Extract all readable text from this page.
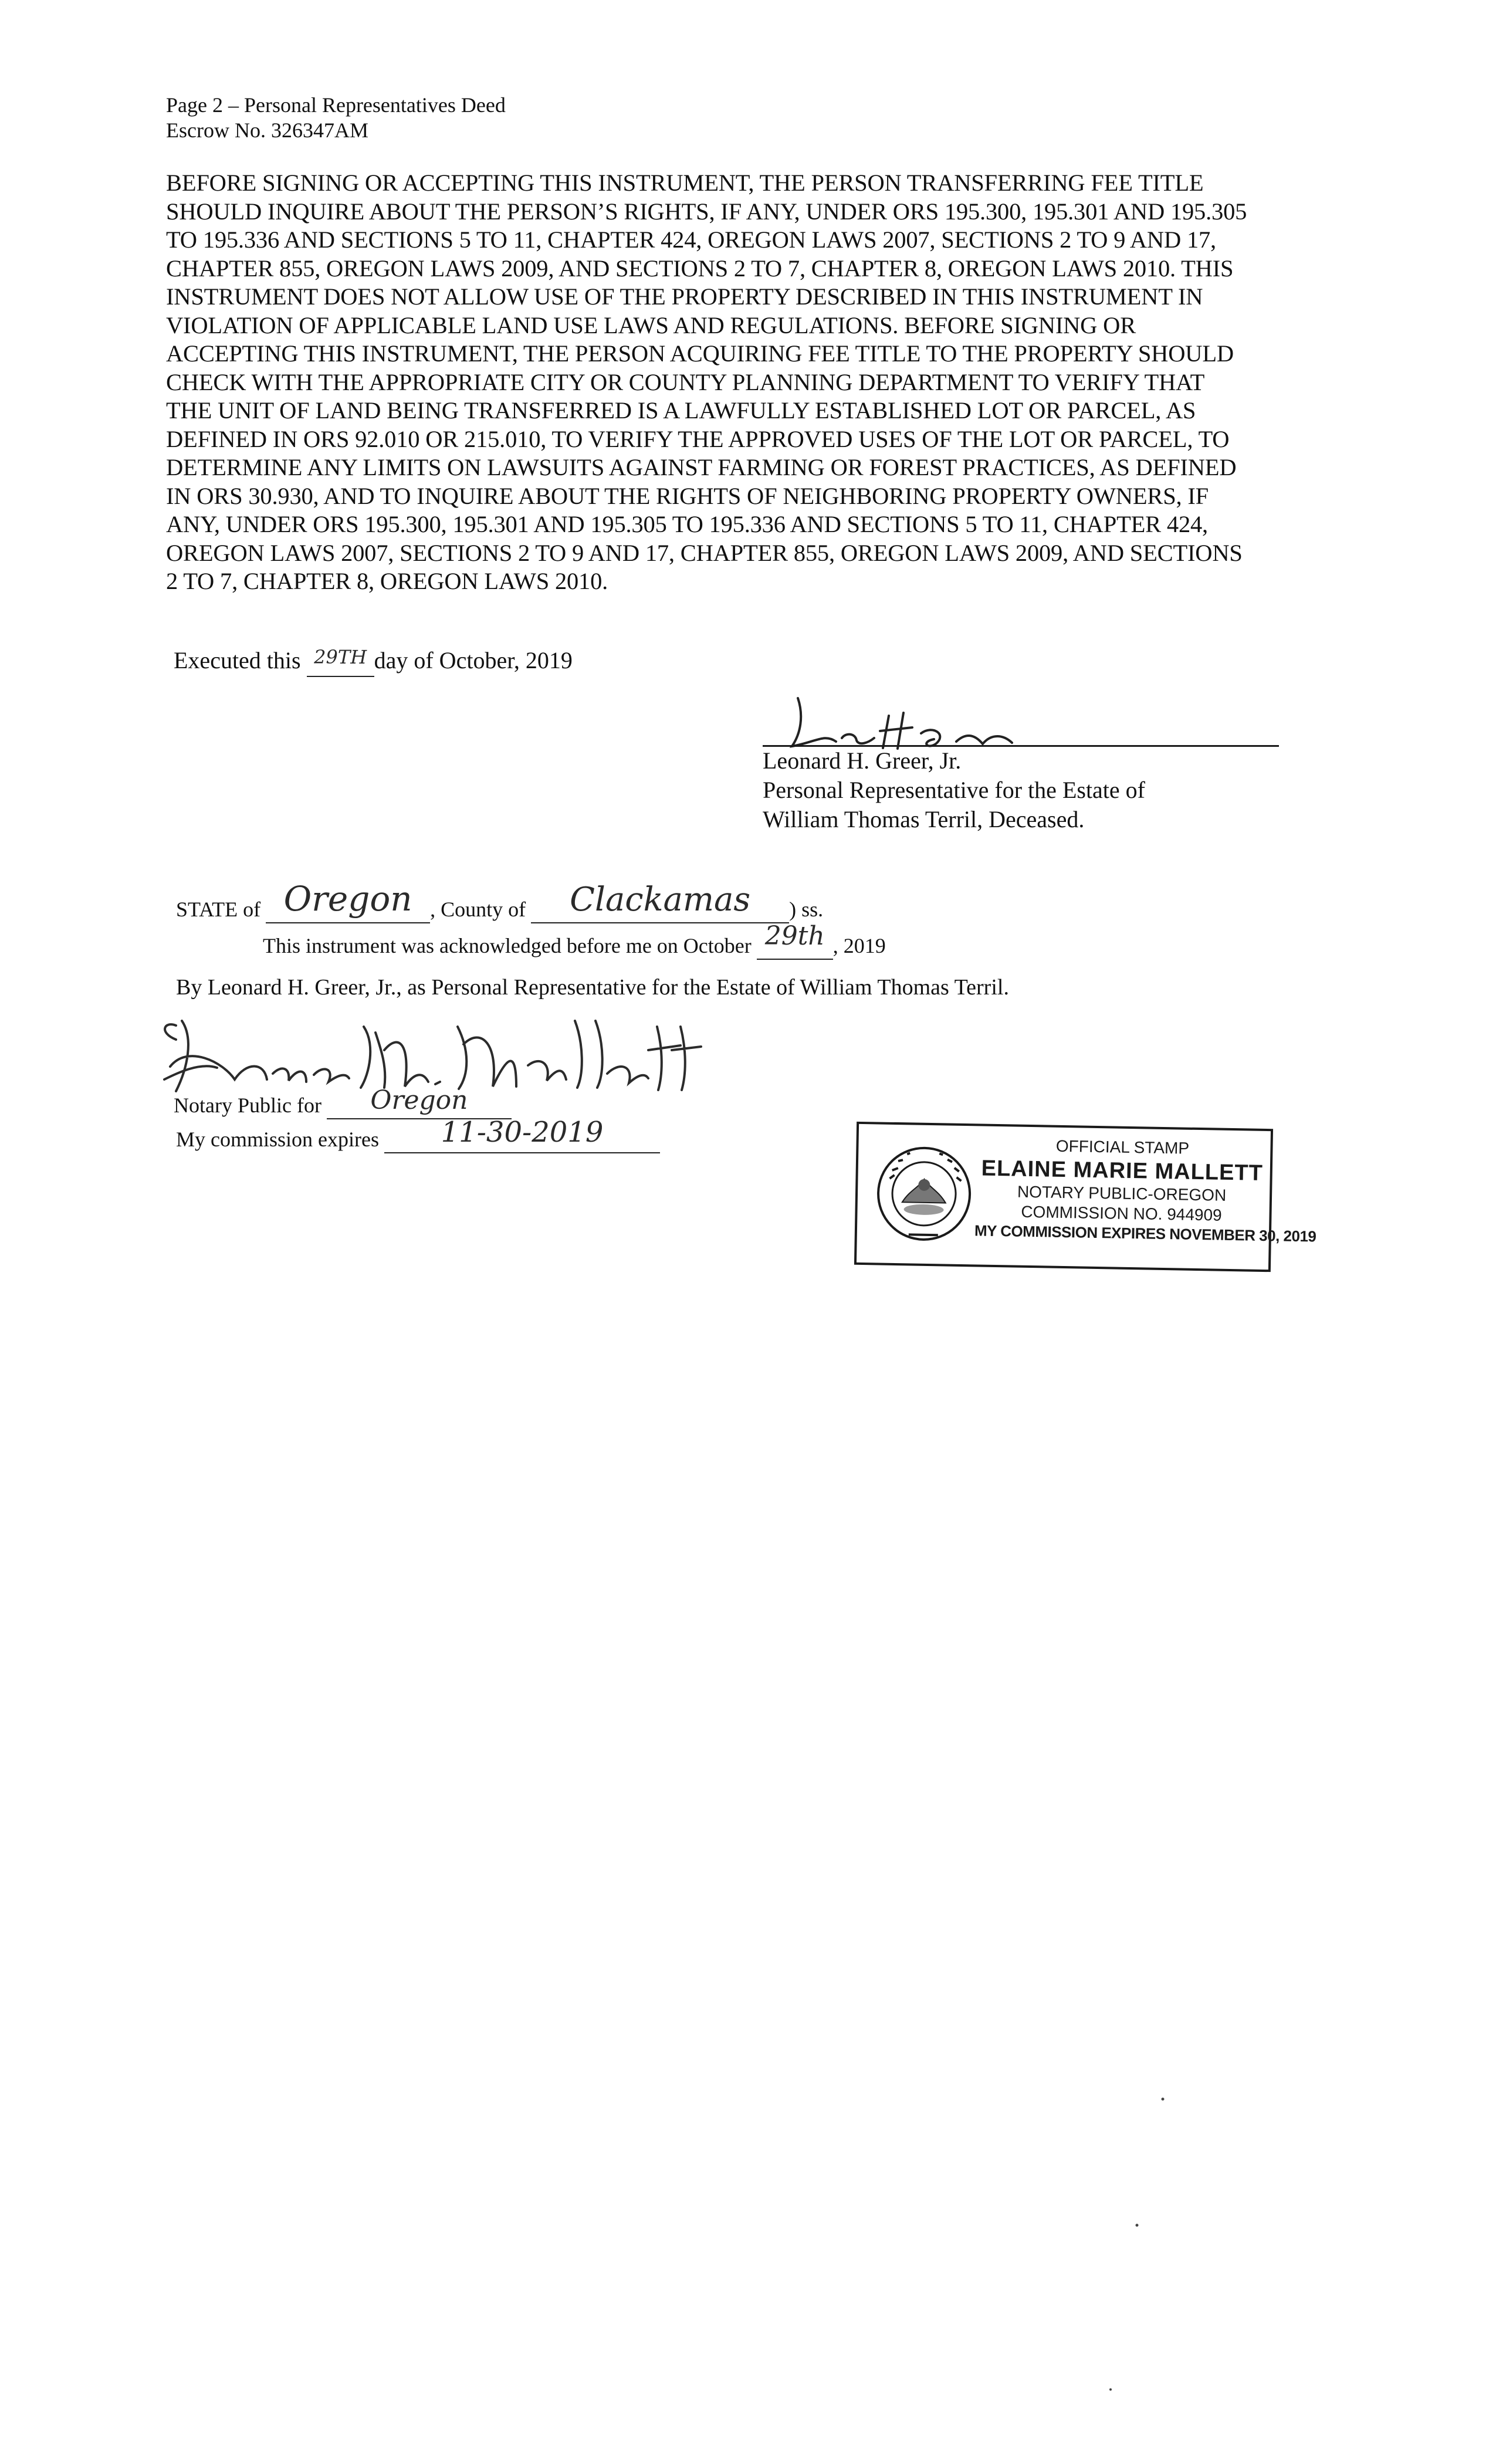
Page 2 – Personal Representatives Deed
Escrow No. 326347AM

BEFORE SIGNING OR ACCEPTING THIS INSTRUMENT, THE PERSON TRANSFERRING FEE TITLE

SHOULD INQUIRE ABOUT THE PERSON’S RIGHTS, IF ANY, UNDER ORS 195.300, 195.301 AND 195.305

TO 195.336 AND SECTIONS 5 TO 11, CHAPTER 424, OREGON LAWS 2007, SECTIONS 2 TO 9 AND 17,

CHAPTER 855, OREGON LAWS 2009, AND SECTIONS 2 TO 7, CHAPTER 8, OREGON LAWS 2010. THIS

INSTRUMENT DOES NOT ALLOW USE OF THE PROPERTY DESCRIBED IN THIS INSTRUMENT IN

VIOLATION OF APPLICABLE LAND USE LAWS AND REGULATIONS. BEFORE SIGNING OR

ACCEPTING THIS INSTRUMENT, THE PERSON ACQUIRING FEE TITLE TO THE PROPERTY SHOULD

CHECK WITH THE APPROPRIATE CITY OR COUNTY PLANNING DEPARTMENT TO VERIFY THAT

THE UNIT OF LAND BEING TRANSFERRED IS A LAWFULLY ESTABLISHED LOT OR PARCEL, AS

DEFINED IN ORS 92.010 OR 215.010, TO VERIFY THE APPROVED USES OF THE LOT OR PARCEL, TO

DETERMINE ANY LIMITS ON LAWSUITS AGAINST FARMING OR FOREST PRACTICES, AS DEFINED

IN ORS 30.930, AND TO INQUIRE ABOUT THE RIGHTS OF NEIGHBORING PROPERTY OWNERS, IF

ANY, UNDER ORS 195.300, 195.301 AND 195.305 TO 195.336 AND SECTIONS 5 TO 11, CHAPTER 424,

OREGON LAWS 2007, SECTIONS 2 TO 9 AND 17, CHAPTER 855, OREGON LAWS 2009, AND SECTIONS

2 TO 7, CHAPTER 8, OREGON LAWS 2010.

Executed this $^{29TH}$ day of October, 2019
Leonard H. Greer, Jr.
Personal Representative for the Estate of
William Thomas Terril, Deceased.
STATE of Oregon , County of Clackamas ) ss.
This instrument was acknowledged before me on October 29th , 2019
By Leonard H. Greer, Jr., as Personal Representative for the Estate of William Thomas Terril.
Notary Public for Oregon
My commission expires 11-30-2019	OFFICIAL STAMP
ELAINE MARIE MALLETT
NOTARY PUBLIC-OREGON
COMMISSION NO. 944909
MY COMMISSION EXPIRES NOVEMBER 30, 2019
